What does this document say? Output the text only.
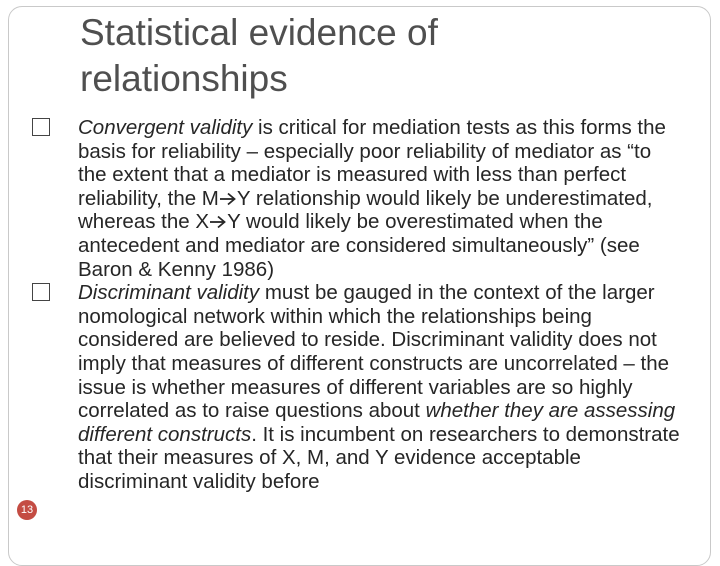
Statistical evidence of
relationships

Convergent validity is critical for mediation tests as this forms the basis for reliability – especially poor reliability of mediator as “to the extent that a mediator is measured with less than perfect reliability, the M Y relationship would likely be underestimated, whereas the X Y would likely be overestimated when the antecedent and mediator are considered simultaneously” (see Baron & Kenny 1986)

Discriminant validity must be gauged in the context of the larger nomological network within which the relationships being considered are believed to reside. Discriminant validity does not imply that measures of different constructs are uncorrelated – the issue is whether measures of different variables are so highly correlated as to raise questions about whether they are assessing different constructs. It is incumbent on researchers to demonstrate that their measures of X, M, and Y evidence acceptable discriminant validity before

13
